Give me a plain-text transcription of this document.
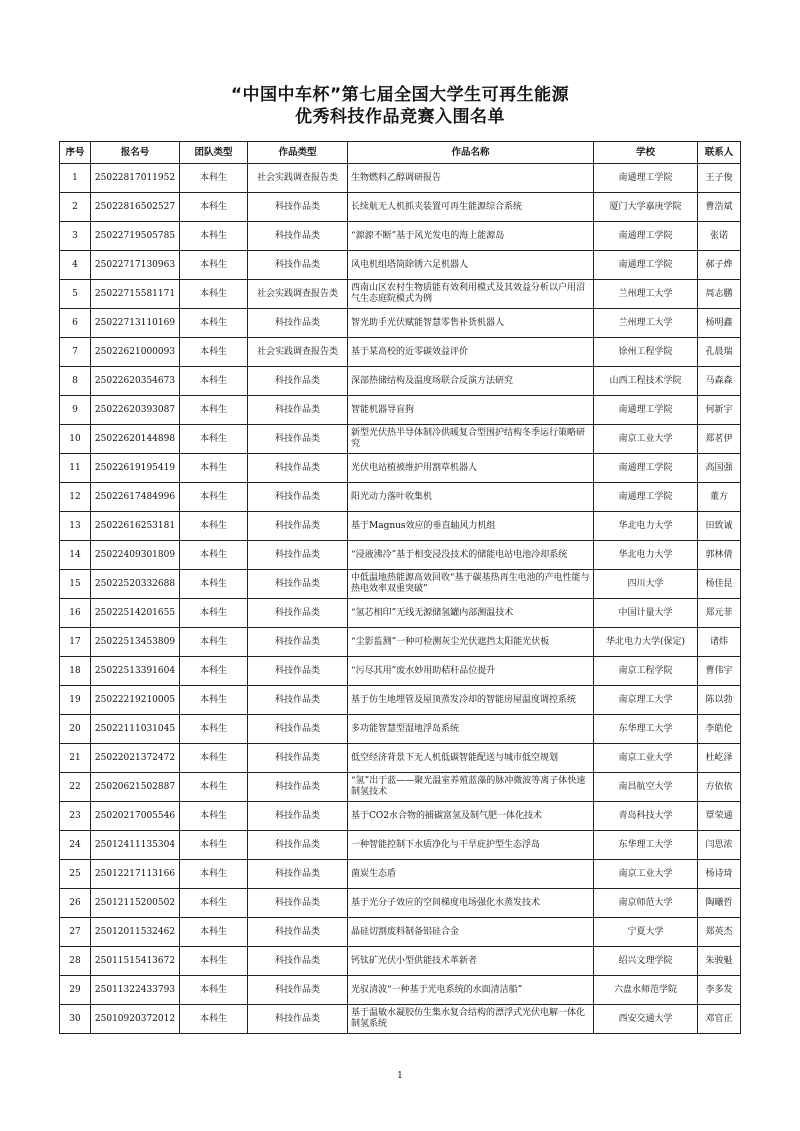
“中国中车杯”第七届全国大学生可再生能源
优秀科技作品竞赛入围名单
序号	报名号	团队类型	作品类型	作品名称	学校	联系人
1	25022817011952	本科生	社会实践调查报告类	生物燃料乙醇调研报告	南通理工学院	王子俊
2	25022816502527	本科生	科技作品类	长续航无人机抓夹装置可再生能源综合系统	厦门大学嘉庚学院	曹浩斌
3	25022719505785	本科生	科技作品类	“源源不断”基于风光发电的海上能源岛	南通理工学院	张诺
4	25022717130963	本科生	科技作品类	风电机组塔筒除锈六足机器人	南通理工学院	郝子烨
5	25022715581171	本科生	社会实践调查报告类	西南山区农村生物质能有效利用模式及其效益分析以户用沼气生态庭院模式为例	兰州理工大学	周志鹏
6	25022713110169	本科生	科技作品类	智光助手光伏赋能智慧零售补货机器人	兰州理工大学	杨明鑫
7	25022621000093	本科生	社会实践调查报告类	基于某高校的近零碳效益评价	徐州工程学院	孔晨瑞
8	25022620354673	本科生	科技作品类	深部热储结构及温度场联合反演方法研究	山西工程技术学院	马森森
9	25022620393087	本科生	科技作品类	智能机器导盲狗	南通理工学院	何新宇
10	25022620144898	本科生	科技作品类	新型光伏热半导体制冷供暖复合型围护结构冬季运行策略研究	南京工业大学	郑茗伊
11	25022619195419	本科生	科技作品类	光伏电站植被维护用割草机器人	南通理工学院	高国强
12	25022617484996	本科生	科技作品类	阳光动力落叶收集机	南通理工学院	董方
13	25022616253181	本科生	科技作品类	基于Magnus效应的垂直轴风力机组	华北电力大学	田致诚
14	25022409301809	本科生	科技作品类	“浸液沸冷”基于相变浸没技术的储能电站电池冷却系统	华北电力大学	郭林倩
15	25022520332688	本科生	科技作品类	中低温地热能源高效回收“基于碳基热再生电池的产电性能与热电效率双重突破”	四川大学	杨佳昆
16	25022514201655	本科生	科技作品类	“氢芯相印”无线无源储氢罐内部测温技术	中国计量大学	郑元菲
17	25022513453809	本科生	科技作品类	“尘影监测”一种可检测灰尘光伏遮挡太阳能光伏板	华北电力大学(保定)	诸炜
18	25022513391604	本科生	科技作品类	“污尽其用”废水妙用助秸秆品位提升	南京工程学院	曹伟宇
19	25022219210005	本科生	科技作品类	基于仿生地埋管及屋顶蒸发冷却的智能房屋温度调控系统	南京理工大学	陈以勃
20	25022111031045	本科生	科技作品类	多功能智慧型湿地浮岛系统	东华理工大学	李皓伦
21	25022021372472	本科生	科技作品类	低空经济背景下无人机低碳智能配送与城市低空规划	南京工业大学	杜屹泽
22	25020621502887	本科生	科技作品类	“氢”出于蓝——聚光温室养殖蓝藻的脉冲微波等离子体快速制氢技术	南昌航空大学	方依依
23	25020217005546	本科生	科技作品类	基于CO2水合物的捕碳富氢及制气肥一体化技术	青岛科技大学	覃荣通
24	25012411135304	本科生	科技作品类	一种智能控制下水质净化与干旱庇护型生态浮岛	东华理工大学	闫思浓
25	25012217113166	本科生	科技作品类	菌炭生态盾	南京工业大学	杨诗琦
26	25012115200502	本科生	科技作品类	基于光分子效应的空间梯度电场强化水蒸发技术	南京师范大学	陶曦哲
27	25012011532462	本科生	科技作品类	晶硅切割废料制备铝硅合金	宁夏大学	郑英杰
28	25011515413672	本科生	科技作品类	钙钛矿光伏小型供能技术革新者	绍兴文理学院	朱骏魁
29	25011322433793	本科生	科技作品类	光驭清波“一种基于光电系统的水面清洁船”	六盘水师范学院	李多发
30	25010920372012	本科生	科技作品类	基于温敏水凝胶仿生集水复合结构的漂浮式光伏电解一体化制氢系统	西安交通大学	邓官正
1
